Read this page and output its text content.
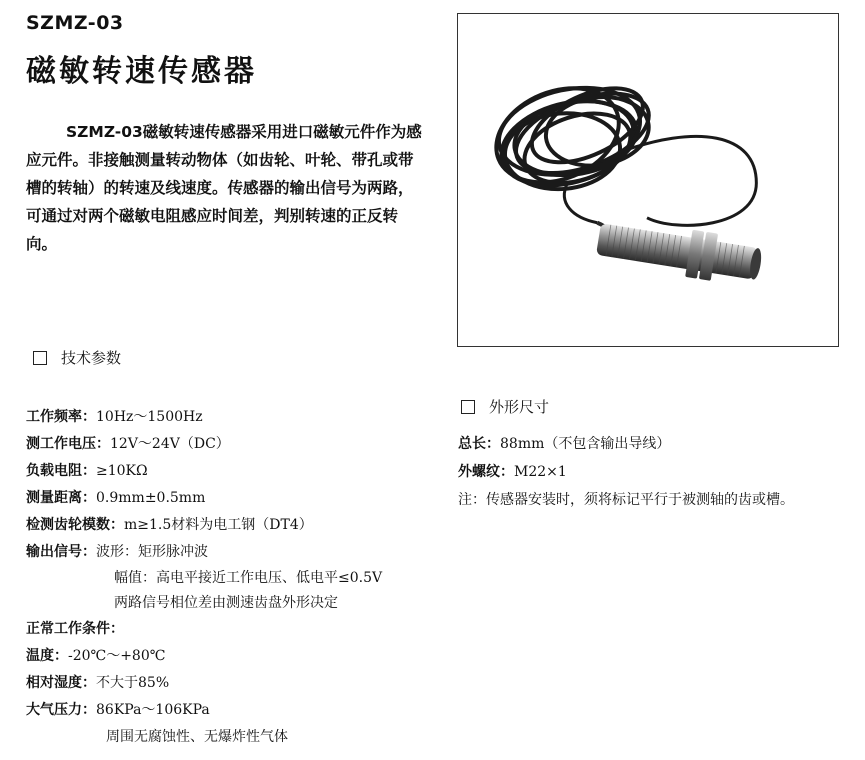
SZMZ-03
磁敏转速传感器

SZMZ-03磁敏转速传感器采用进口磁敏元件作为感应元件。非接触测量转动物体（如齿轮、叶轮、带孔或带槽的转轴）的转速及线速度。传感器的输出信号为两路，可通过对两个磁敏电阻感应时间差，判别转速的正反转向。

技术参数
外形尺寸
工作频率：10Hz～1500Hz
测工作电压：12V～24V（DC）
负载电阻：≥10KΩ
测量距离：0.9mm±0.5mm
检测齿轮模数：m≥1.5材料为电工钢（DT4）
输出信号：波形：矩形脉冲波
幅值：高电平接近工作电压、低电平≤0.5V
两路信号相位差由测速齿盘外形决定
正常工作条件：
温度：-20℃～+80℃
相对湿度：不大于85%
大气压力：86KPa～106KPa
周围无腐蚀性、无爆炸性气体
总长：88mm（不包含输出导线）
外螺纹：M22×1
注：传感器安装时，须将标记平行于被测轴的齿或槽。
